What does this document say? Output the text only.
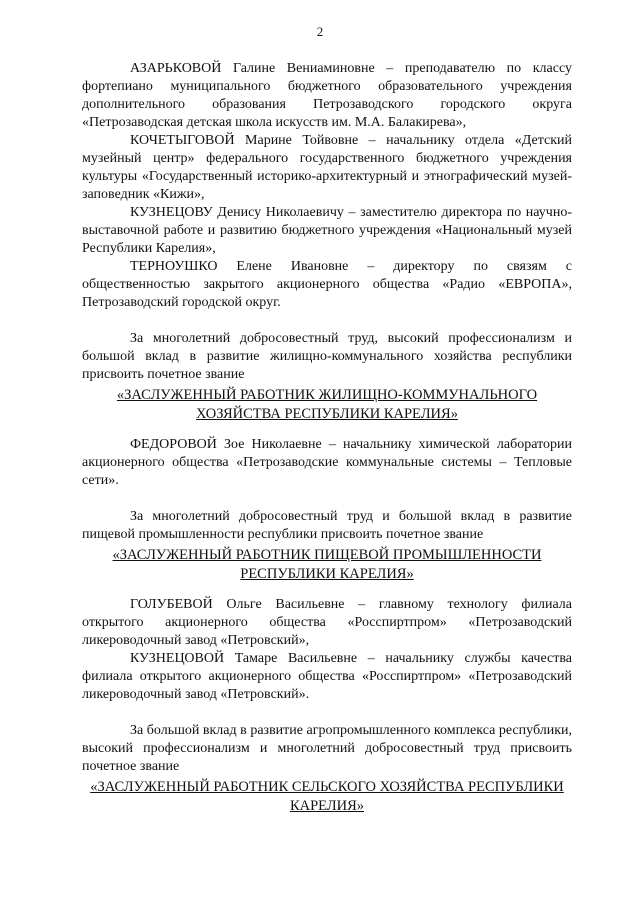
2

АЗАРЬКОВОЙ Галине Вениаминовне – преподавателю по классу фортепиано муниципального бюджетного образовательного учреждения дополнительного образования Петрозаводского городского округа «Петрозаводская детская школа искусств им. М.А. Балакирева»,

КОЧЕТЫГОВОЙ Марине Тойвовне – начальнику отдела «Детский музейный центр» федерального государственного бюджетного учреждения культуры «Государственный историко-архитектурный и этнографический музей-заповедник «Кижи»,

КУЗНЕЦОВУ Денису Николаевичу – заместителю директора по научно-выставочной работе и развитию бюджетного учреждения «Национальный музей Республики Карелия»,

ТЕРНОУШКО Елене Ивановне – директору по связям с общественностью закрытого акционерного общества «Радио «ЕВРОПА», Петрозаводский городской округ.

За многолетний добросовестный труд, высокий профессионализм и большой вклад в развитие жилищно-коммунального хозяйства республики присвоить почетное звание

«ЗАСЛУЖЕННЫЙ РАБОТНИК ЖИЛИЩНО-КОММУНАЛЬНОГО ХОЗЯЙСТВА РЕСПУБЛИКИ КАРЕЛИЯ»

ФЕДОРОВОЙ Зое Николаевне – начальнику химической лаборатории акционерного общества «Петрозаводские коммунальные системы – Тепловые сети».

За многолетний добросовестный труд и большой вклад в развитие пищевой промышленности республики присвоить почетное звание

«ЗАСЛУЖЕННЫЙ РАБОТНИК ПИЩЕВОЙ ПРОМЫШЛЕННОСТИ РЕСПУБЛИКИ КАРЕЛИЯ»

ГОЛУБЕВОЙ Ольге Васильевне – главному технологу филиала открытого акционерного общества «Росспиртпром» «Петрозаводский ликероводочный завод «Петровский»,

КУЗНЕЦОВОЙ Тамаре Васильевне – начальнику службы качества филиала открытого акционерного общества «Росспиртпром» «Петрозаводский ликероводочный завод «Петровский».

За большой вклад в развитие агропромышленного комплекса республики, высокий профессионализм и многолетний добросовестный труд присвоить почетное звание

«ЗАСЛУЖЕННЫЙ РАБОТНИК СЕЛЬСКОГО ХОЗЯЙСТВА РЕСПУБЛИКИ КАРЕЛИЯ»
